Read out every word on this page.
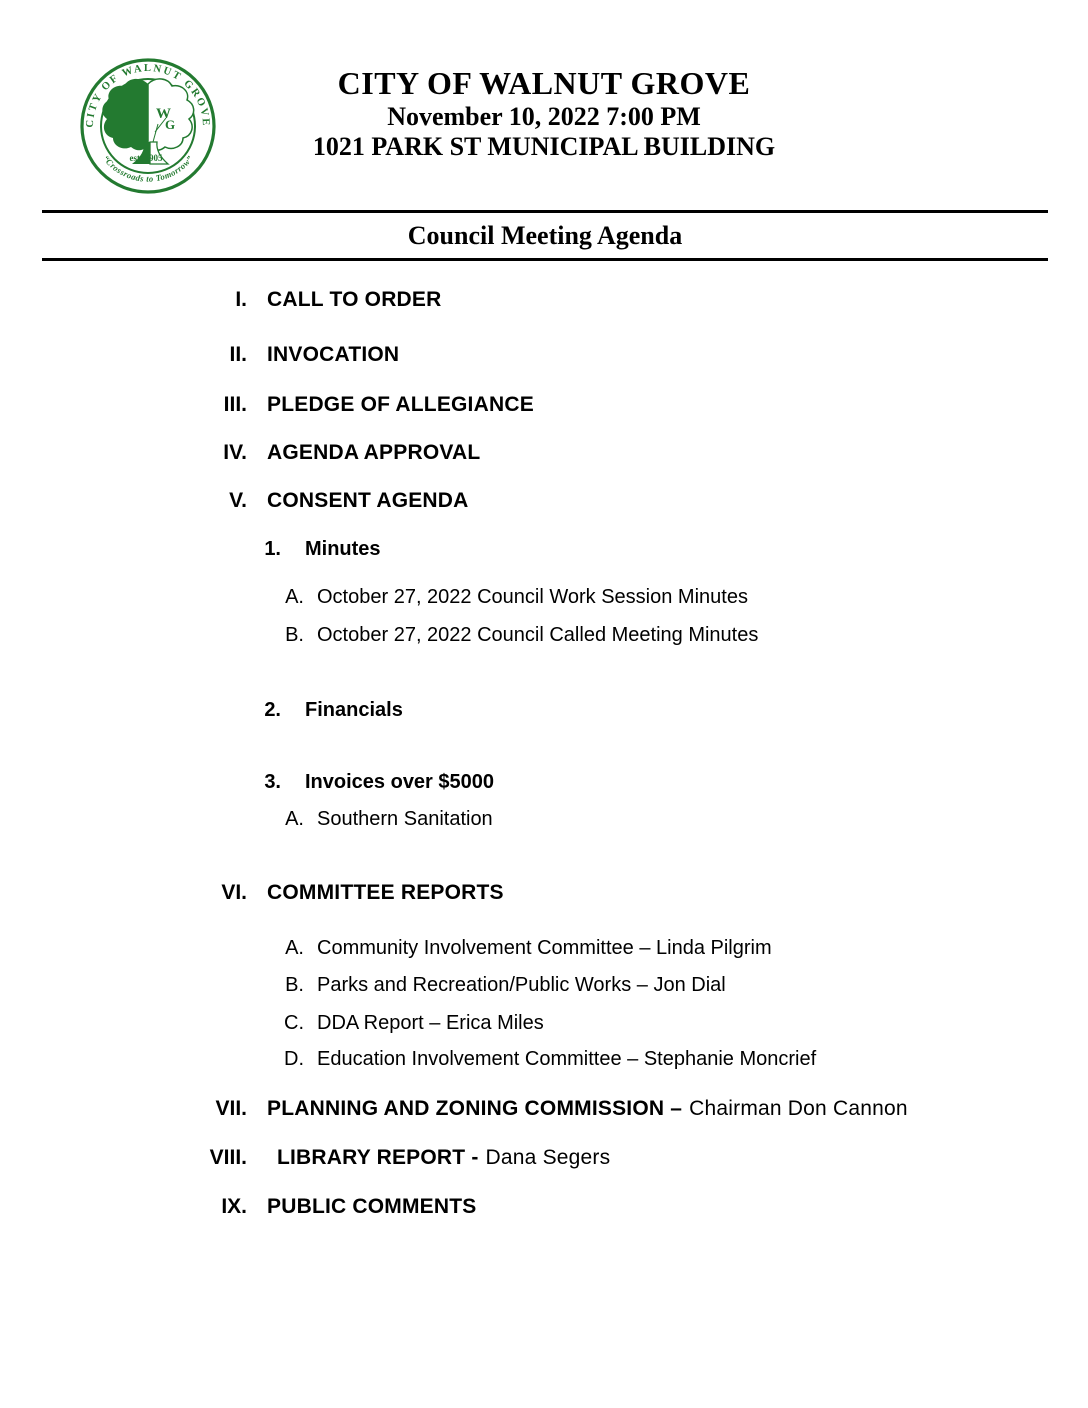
CITY OF WALNUT GROVE
“Crossroads to Tomorrow”
W
G
est. 1905
CITY OF WALNUT GROVE
November 10, 2022 7:00 PM
1021 PARK ST MUNICIPAL BUILDING
Council Meeting Agenda
I. CALL TO ORDER
II. INVOCATION
III. PLEDGE OF ALLEGIANCE
IV. AGENDA APPROVAL
V. CONSENT AGENDA
1. Minutes
A. October 27, 2022 Council Work Session Minutes
B. October 27, 2022 Council Called Meeting Minutes
2. Financials
3. Invoices over $5000
A. Southern Sanitation
VI. COMMITTEE REPORTS
A. Community Involvement Committee – Linda Pilgrim
B. Parks and Recreation/Public Works – Jon Dial
C. DDA Report – Erica Miles
D. Education Involvement Committee – Stephanie Moncrief
VII. PLANNING AND ZONING COMMISSION – Chairman Don Cannon
VIII. LIBRARY REPORT - Dana Segers
IX. PUBLIC COMMENTS
